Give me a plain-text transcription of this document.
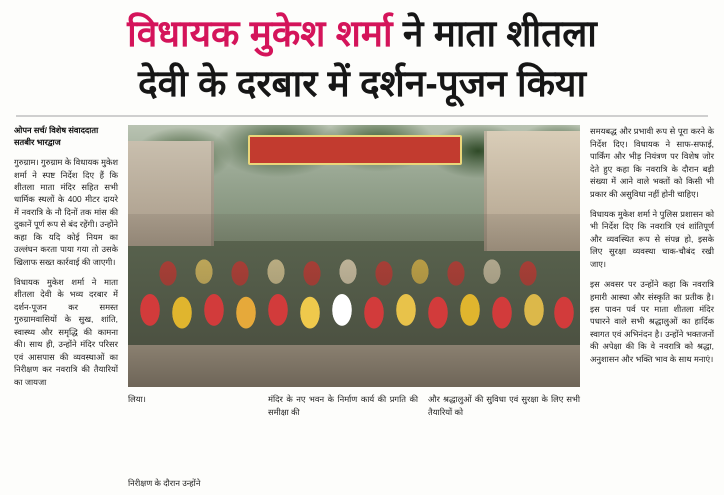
विधायक मुकेश शर्मा ने माता शीतला
देवी के दरबार में दर्शन-पूजन किया
ओपन सर्च/ विशेष संवाददाता
सतबीर भारद्वाज

गुरुग्राम। गुरुग्राम के विधायक मुकेश शर्मा ने स्पष्ट निर्देश दिए हैं कि शीतला माता मंदिर सहित सभी धार्मिक स्थलों के 400 मीटर दायरे में नवरात्रि के नौ दिनों तक मांस की दुकानें पूर्ण रूप से बंद रहेंगी। उन्होंने कहा कि यदि कोई नियम का उल्लंघन करता पाया गया तो उसके खिलाफ सख्त कार्रवाई की जाएगी।

विधायक मुकेश शर्मा ने माता शीतला देवी के भव्य दरबार में दर्शन-पूजन कर समस्त गुरुग्रामवासियों के सुख, शांति, स्वास्थ्य और समृद्धि की कामना की। साथ ही, उन्होंने मंदिर परिसर एवं आसपास की व्यवस्थाओं का निरीक्षण कर नवरात्रि की तैयारियों का जायजा

लिया।	मंदिर के नए भवन के निर्माण कार्य की प्रगति की समीक्षा की
और श्रद्धालुओं की सुविधा एवं सुरक्षा के लिए सभी तैयारियों को

समयबद्ध और प्रभावी रूप से पूरा करने के निर्देश दिए। विधायक ने साफ-सफाई, पार्किंग और भीड़ नियंत्रण पर विशेष जोर देते हुए कहा कि नवरात्रि के दौरान बड़ी संख्या में आने वाले भक्तों को किसी भी प्रकार की असुविधा नहीं होनी चाहिए।

विधायक मुकेश शर्मा ने पुलिस प्रशासन को भी निर्देश दिए कि नवरात्रि एवं शांतिपूर्ण और व्यवस्थित रूप से संपन्न हो, इसके लिए सुरक्षा व्यवस्था चाक-चौबंद रखी जाए।

इस अवसर पर उन्होंने कहा कि नवरात्रि हमारी आस्था और संस्कृति का प्रतीक है। इस पावन पर्व पर माता शीतला मंदिर पधारने वाले सभी श्रद्धालुओं का हार्दिक स्वागत एवं अभिनंदन है। उन्होंने भक्तजनों की अपेक्षा की कि वे नवरात्रि को श्रद्धा, अनुशासन और भक्ति भाव के साथ मनाएं।

निरीक्षण के दौरान उन्होंने
